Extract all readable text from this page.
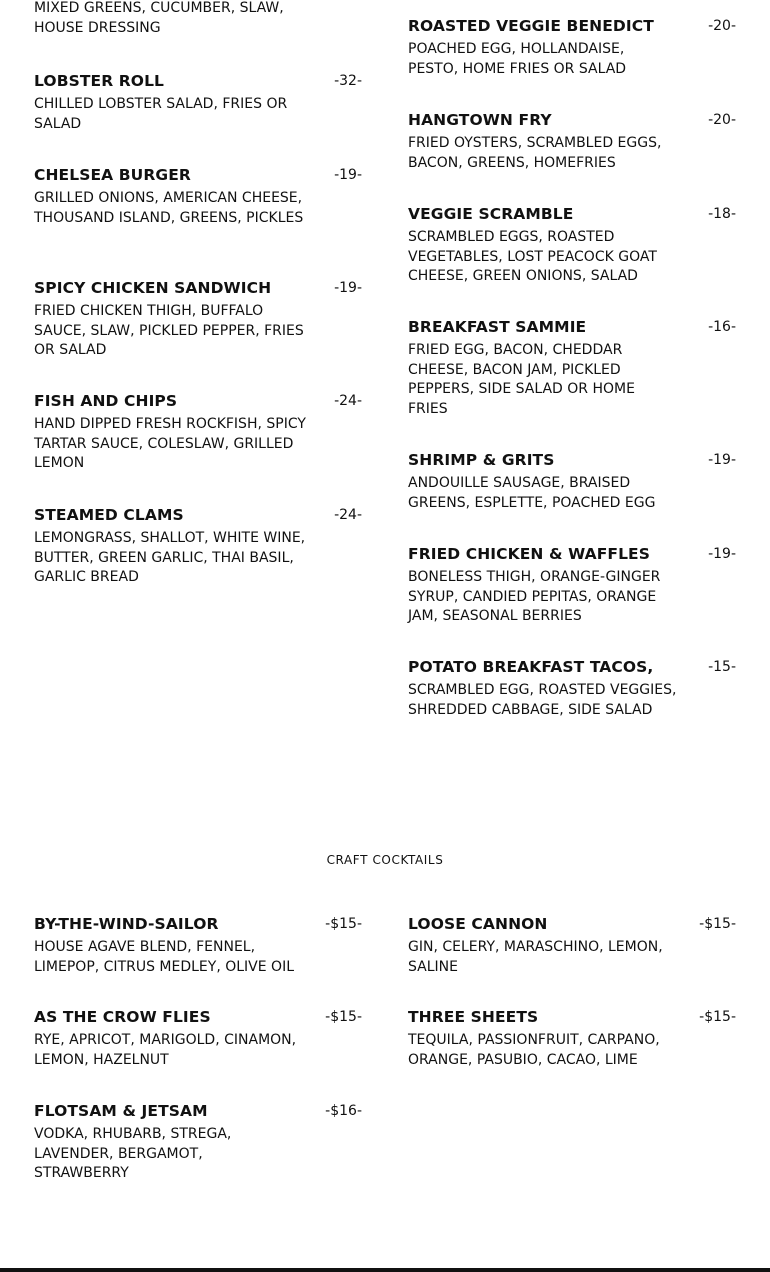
MIXED GREENS, CUCUMBER, SLAW, HOUSE DRESSING
LOBSTER ROLL	-32-
CHILLED LOBSTER SALAD, FRIES OR SALAD
CHELSEA BURGER	-19-
GRILLED ONIONS, AMERICAN CHEESE, THOUSAND ISLAND, GREENS, PICKLES
SPICY CHICKEN SANDWICH	-19-
FRIED CHICKEN THIGH, BUFFALO SAUCE, SLAW, PICKLED PEPPER, FRIES OR SALAD
FISH AND CHIPS	-24-
HAND DIPPED FRESH ROCKFISH, SPICY TARTAR SAUCE, COLESLAW, GRILLED LEMON
STEAMED CLAMS	-24-
LEMONGRASS, SHALLOT, WHITE WINE, BUTTER, GREEN GARLIC, THAI BASIL, GARLIC BREAD
BY-THE-WIND-SAILOR	-$15-
HOUSE AGAVE BLEND, FENNEL, LIMEPOP, CITRUS MEDLEY, OLIVE OIL
AS THE CROW FLIES	-$15-
RYE, APRICOT, MARIGOLD, CINAMON, LEMON, HAZELNUT
FLOTSAM & JETSAM	-$16-
VODKA, RHUBARB, STREGA, LAVENDER, BERGAMOT, STRAWBERRY
ROASTED VEGGIE BENEDICT	-20-
POACHED EGG, HOLLANDAISE, PESTO, HOME FRIES OR SALAD
HANGTOWN FRY	-20-
FRIED OYSTERS, SCRAMBLED EGGS, BACON, GREENS, HOMEFRIES
VEGGIE SCRAMBLE	-18-
SCRAMBLED EGGS, ROASTED VEGETABLES, LOST PEACOCK GOAT CHEESE, GREEN ONIONS, SALAD
BREAKFAST SAMMIE	-16-
FRIED EGG, BACON, CHEDDAR CHEESE, BACON JAM, PICKLED PEPPERS, SIDE SALAD OR HOME FRIES
SHRIMP & GRITS	-19-
ANDOUILLE SAUSAGE, BRAISED GREENS, ESPLETTE, POACHED EGG
FRIED CHICKEN & WAFFLES	-19-
BONELESS THIGH, ORANGE-GINGER SYRUP, CANDIED PEPITAS, ORANGE JAM, SEASONAL BERRIES
POTATO BREAKFAST TACOS,	-15-
SCRAMBLED EGG, ROASTED VEGGIES, SHREDDED CABBAGE, SIDE SALAD
LOOSE CANNON	-$15-
GIN, CELERY, MARASCHINO, LEMON, SALINE
THREE SHEETS	-$15-
TEQUILA, PASSIONFRUIT, CARPANO, ORANGE, PASUBIO, CACAO, LIME
CRAFT COCKTAILS
